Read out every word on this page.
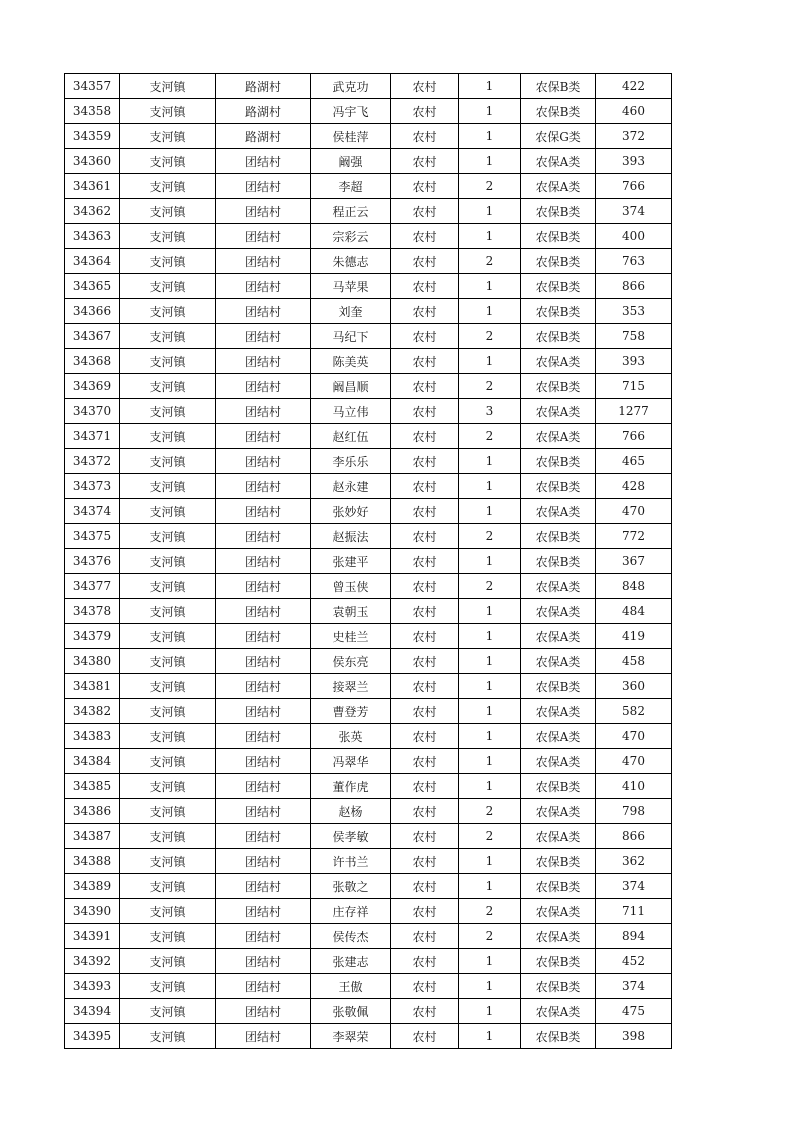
34357	支河镇	路湖村	武克功	农村	1	农保B类	422
34358	支河镇	路湖村	冯宇飞	农村	1	农保B类	460
34359	支河镇	路湖村	侯桂萍	农村	1	农保G类	372
34360	支河镇	团结村	阚强	农村	1	农保A类	393
34361	支河镇	团结村	李超	农村	2	农保A类	766
34362	支河镇	团结村	程正云	农村	1	农保B类	374
34363	支河镇	团结村	宗彩云	农村	1	农保B类	400
34364	支河镇	团结村	朱德志	农村	2	农保B类	763
34365	支河镇	团结村	马苹果	农村	1	农保B类	866
34366	支河镇	团结村	刘奎	农村	1	农保B类	353
34367	支河镇	团结村	马纪下	农村	2	农保B类	758
34368	支河镇	团结村	陈美英	农村	1	农保A类	393
34369	支河镇	团结村	阚昌顺	农村	2	农保B类	715
34370	支河镇	团结村	马立伟	农村	3	农保A类	1277
34371	支河镇	团结村	赵红伍	农村	2	农保A类	766
34372	支河镇	团结村	李乐乐	农村	1	农保B类	465
34373	支河镇	团结村	赵永建	农村	1	农保B类	428
34374	支河镇	团结村	张妙好	农村	1	农保A类	470
34375	支河镇	团结村	赵振法	农村	2	农保B类	772
34376	支河镇	团结村	张建平	农村	1	农保B类	367
34377	支河镇	团结村	曾玉侠	农村	2	农保A类	848
34378	支河镇	团结村	袁朝玉	农村	1	农保A类	484
34379	支河镇	团结村	史桂兰	农村	1	农保A类	419
34380	支河镇	团结村	侯东亮	农村	1	农保A类	458
34381	支河镇	团结村	接翠兰	农村	1	农保B类	360
34382	支河镇	团结村	曹登芳	农村	1	农保A类	582
34383	支河镇	团结村	张英	农村	1	农保A类	470
34384	支河镇	团结村	冯翠华	农村	1	农保A类	470
34385	支河镇	团结村	董作虎	农村	1	农保B类	410
34386	支河镇	团结村	赵杨	农村	2	农保A类	798
34387	支河镇	团结村	侯孝敏	农村	2	农保A类	866
34388	支河镇	团结村	许书兰	农村	1	农保B类	362
34389	支河镇	团结村	张敬之	农村	1	农保B类	374
34390	支河镇	团结村	庄存祥	农村	2	农保A类	711
34391	支河镇	团结村	侯传杰	农村	2	农保A类	894
34392	支河镇	团结村	张建志	农村	1	农保B类	452
34393	支河镇	团结村	王傲	农村	1	农保B类	374
34394	支河镇	团结村	张敬佩	农村	1	农保A类	475
34395	支河镇	团结村	李翠荣	农村	1	农保B类	398
